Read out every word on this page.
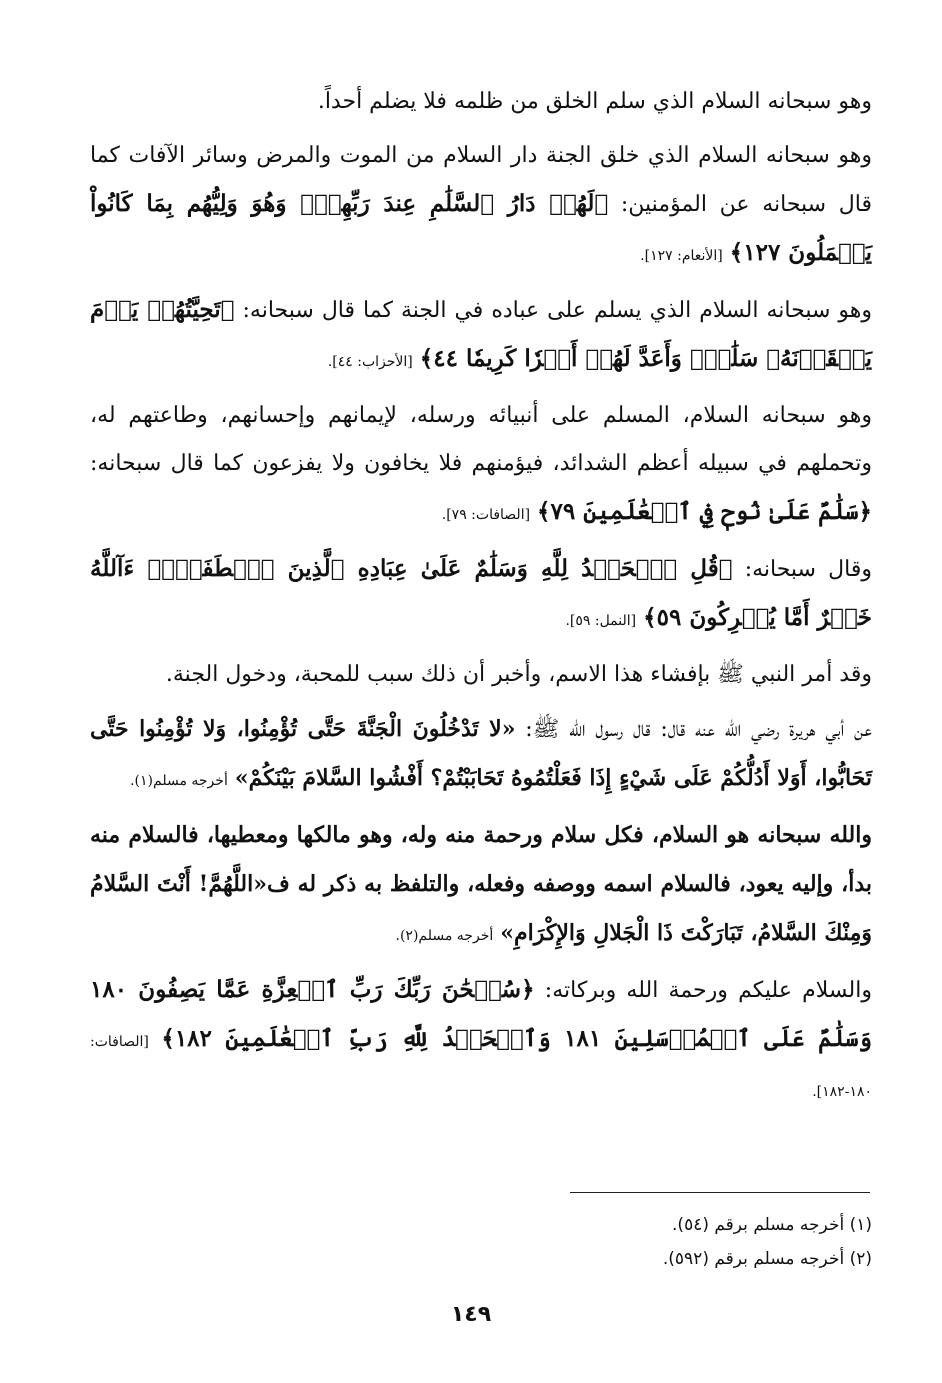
وهو سبحانه السلام الذي سلم الخلق من ظلمه فلا يضلم أحداً.

وهو سبحانه السلام الذي خلق الجنة دار السلام من الموت والمرض وسائر الآفات كما قال سبحانه عن المؤمنين: ﴿لَهُمۡ دَارُ ٱلسَّلَٰمِ عِندَ رَبِّهِمۡۖ وَهُوَ وَلِيُّهُم بِمَا كَانُواْ يَعۡمَلُونَ ١٢٧﴾ [الأنعام: ١٢٧].

وهو سبحانه السلام الذي يسلم على عباده في الجنة كما قال سبحانه: ﴿تَحِيَّتُهُمۡ يَوۡمَ يَلۡقَوۡنَهُۥ سَلَٰمٞۚ وَأَعَدَّ لَهُمۡ أَجۡرٗا كَرِيمٗا ٤٤﴾ [الأحزاب: ٤٤].

وهو سبحانه السلام، المسلم على أنبيائه ورسله، لإيمانهم وإحسانهم، وطاعتهم له، وتحملهم في سبيله أعظم الشدائد، فيؤمنهم فلا يخافون ولا يفزعون كما قال سبحانه: ﴿سَلَٰمٌ عَلَىٰ نُوحٖ فِي ٱلۡعَٰلَمِينَ ٧٩﴾ [الصافات: ٧٩].

وقال سبحانه: ﴿قُلِ ٱلۡحَمۡدُ لِلَّهِ وَسَلَٰمٌ عَلَىٰ عِبَادِهِ ٱلَّذِينَ ٱصۡطَفَىٰٓۗ ءَآللَّهُ خَيۡرٌ أَمَّا يُشۡرِكُونَ ٥٩﴾ [النمل: ٥٩].

وقد أمر النبي ﷺ بإفشاء هذا الاسم، وأخبر أن ذلك سبب للمحبة، ودخول الجنة.

عن أبي هريرة رضي الله عنه قال: قال رسول الله ﷺ: «لا تَدْخُلُونَ الْجَنَّةَ حَتَّى تُؤْمِنُوا، وَلا تُؤْمِنُوا حَتَّى تَحَابُّوا، أَوَلا أَدُلُّكُمْ عَلَى شَيْءٍ إِذَا فَعَلْتُمُوهُ تَحَابَبْتُمْ؟ أَفْشُوا السَّلامَ بَيْنَكُمْ» أخرجه مسلم(١).

والله سبحانه هو السلام، فكل سلام ورحمة منه وله، وهو مالكها ومعطيها، فالسلام منه بدأ، وإليه يعود، فالسلام اسمه ووصفه وفعله، والتلفظ به ذكر له ف«اللَّهُمَّ! أَنْتَ السَّلامُ وَمِنْكَ السَّلامُ، تَبَارَكْتَ ذَا الْجَلالِ وَالإِكْرَامِ» أخرجه مسلم(٢).

والسلام عليكم ورحمة الله وبركاته: ﴿سُبۡحَٰنَ رَبِّكَ رَبِّ ٱلۡعِزَّةِ عَمَّا يَصِفُونَ ١٨٠ وَسَلَٰمٌ عَلَى ٱلۡمُرۡسَلِينَ ١٨١ وَٱلۡحَمۡدُ لِلَّهِ رَبِّ ٱلۡعَٰلَمِينَ ١٨٢﴾ [الصافات: ١٨٠-١٨٢].

(١) أخرجه مسلم برقم (٥٤).

(٢) أخرجه مسلم برقم (٥٩٢).

١٤٩
